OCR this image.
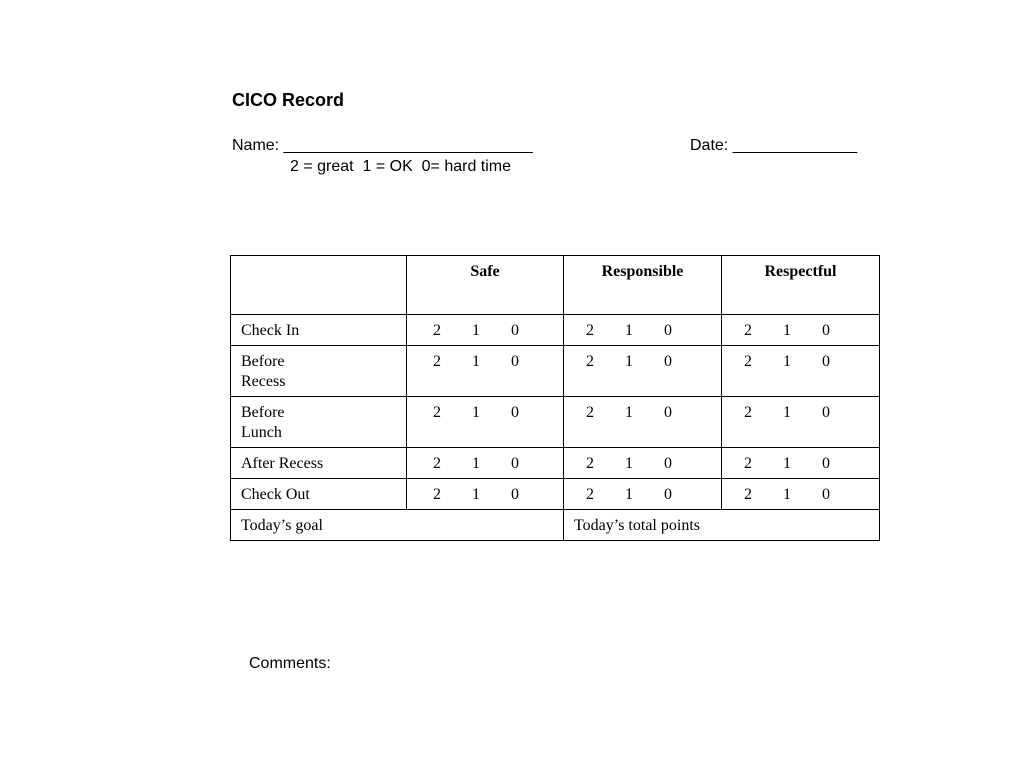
CICO Record
Name: ____________________________	Date: ______________
2 = great  1 = OK  0= hard time
	Safe	Responsible	Respectful
Check In	2 1 0	2 1 0	2 1 0

Before
Recess	2 1 0	2 1 0	2 1 0

Before
Lunch	2 1 0	2 1 0	2 1 0

After Recess	2 1 0	2 1 0	2 1 0

Check Out	2 1 0	2 1 0	2 1 0

Today’s goal		Today’s total points	
Comments:
